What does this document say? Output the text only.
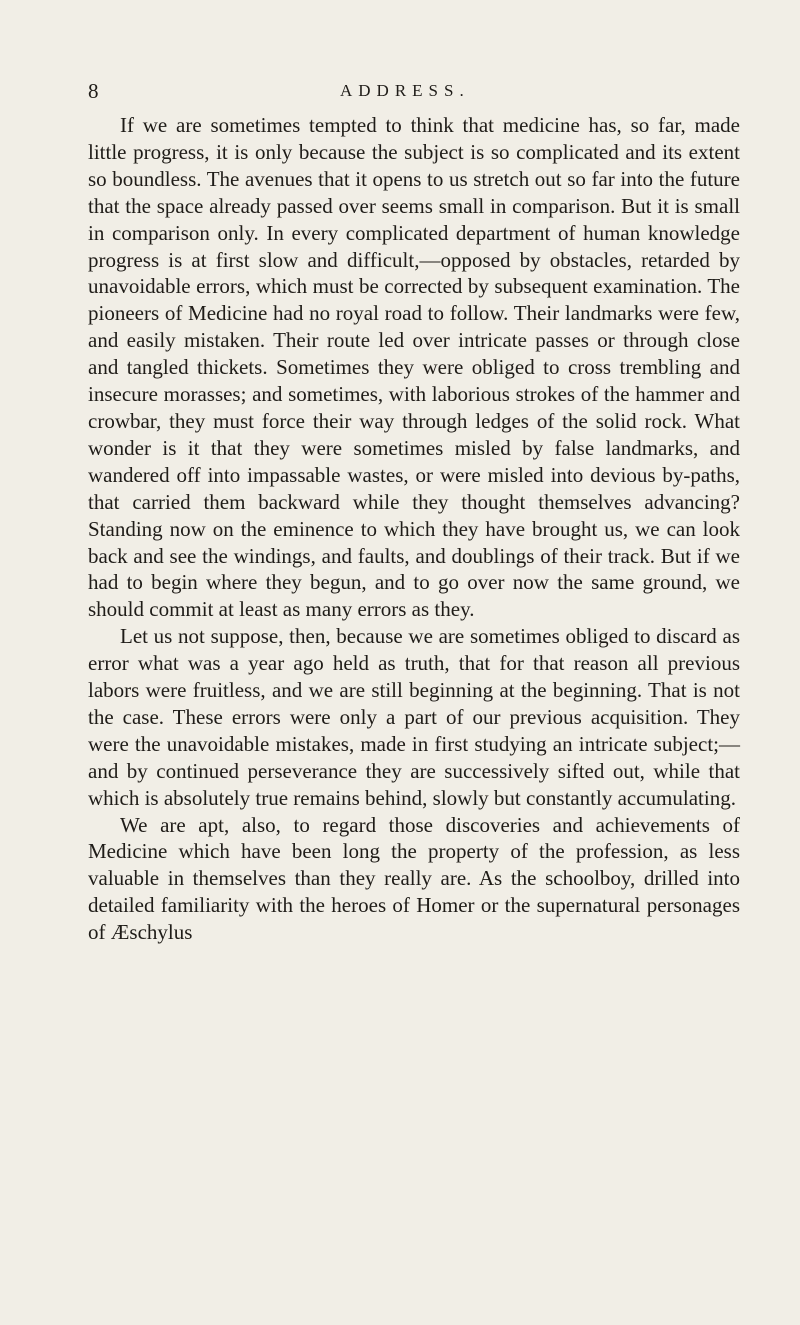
8	ADDRESS.

If we are sometimes tempted to think that medicine has, so far, made little progress, it is only because the subject is so complicated and its extent so boundless. The avenues that it opens to us stretch out so far into the future that the space already passed over seems small in comparison. But it is small in comparison only. In every complicated department of human knowledge progress is at first slow and difficult,—opposed by obstacles, retarded by unavoidable errors, which must be corrected by subsequent examination. The pioneers of Medicine had no royal road to follow. Their landmarks were few, and easily mistaken. Their route led over intricate passes or through close and tangled thickets. Sometimes they were obliged to cross trembling and insecure morasses; and sometimes, with laborious strokes of the hammer and crowbar, they must force their way through ledges of the solid rock. What wonder is it that they were sometimes misled by false landmarks, and wandered off into impassable wastes, or were misled into devious by-paths, that carried them backward while they thought themselves advancing? Standing now on the eminence to which they have brought us, we can look back and see the windings, and faults, and doublings of their track. But if we had to begin where they begun, and to go over now the same ground, we should commit at least as many errors as they.

Let us not suppose, then, because we are sometimes obliged to discard as error what was a year ago held as truth, that for that reason all previous labors were fruitless, and we are still beginning at the beginning. That is not the case. These errors were only a part of our previous acquisition. They were the unavoidable mistakes, made in first studying an intricate subject;—and by continued perseverance they are successively sifted out, while that which is absolutely true remains behind, slowly but constantly accumulating.

We are apt, also, to regard those discoveries and achievements of Medicine which have been long the property of the profession, as less valuable in themselves than they really are. As the schoolboy, drilled into detailed familiarity with the heroes of Homer or the supernatural personages of Æschylus
